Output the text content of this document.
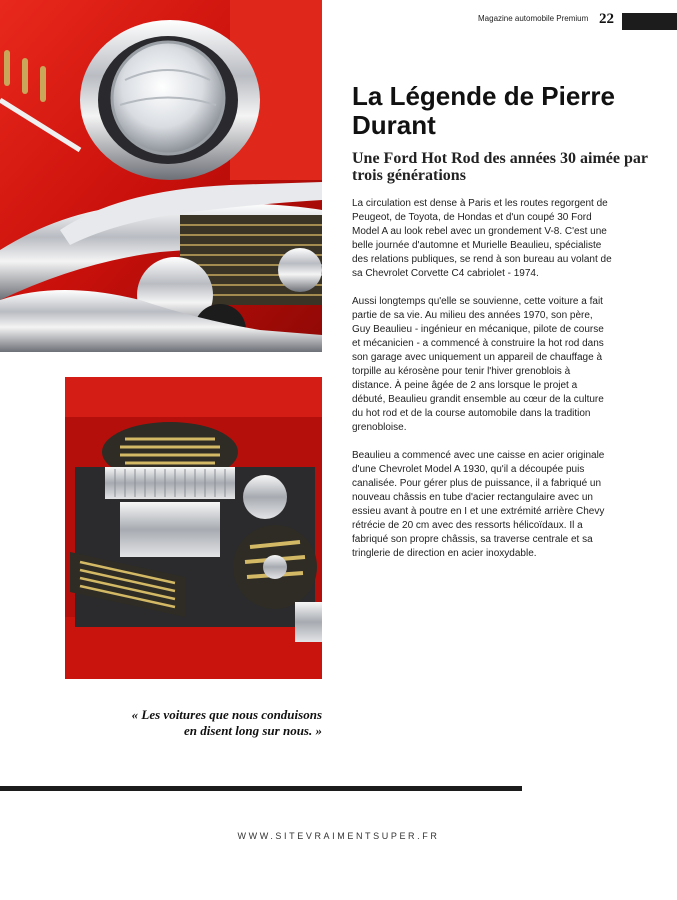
Magazine automobile Premium 22
La Légende de Pierre Durant
Une Ford Hot Rod des années 30 aimée par trois générations

La circulation est dense à Paris et les routes regorgent de Peugeot, de Toyota, de Hondas et d'un coupé 30 Ford Model A au look rebel avec un grondement V-8. C'est une belle journée d'automne et Murielle Beaulieu, spécialiste des relations publiques, se rend à son bureau au volant de sa Chevrolet Corvette C4 cabriolet - 1974.

Aussi longtemps qu'elle se souvienne, cette voiture a fait partie de sa vie. Au milieu des années 1970, son père, Guy Beaulieu - ingénieur en mécanique, pilote de course et mécanicien - a commencé à construire la hot rod dans son garage avec uniquement un appareil de chauffage à torpille au kérosène pour tenir l'hiver grenoblois à distance. À peine âgée de 2 ans lorsque le projet a débuté, Beaulieu grandit ensemble au cœur de la culture du hot rod et de la course automobile dans la tradition grenobloise.

Beaulieu a commencé avec une caisse en acier originale d'une Chevrolet Model A 1930, qu'il a découpée puis canalisée. Pour gérer plus de puissance, il a fabriqué un nouveau châssis en tube d'acier rectangulaire avec un essieu avant à poutre en I et une extrémité arrière Chevy rétrécie de 20 cm avec des ressorts hélicoïdaux. Il a fabriqué son propre châssis, sa traverse centrale et sa tringlerie de direction en acier inoxydable.

« Les voitures que nous conduisons
en disent long sur nous. »
WWW.SITEVRAIMENTSUPER.FR
